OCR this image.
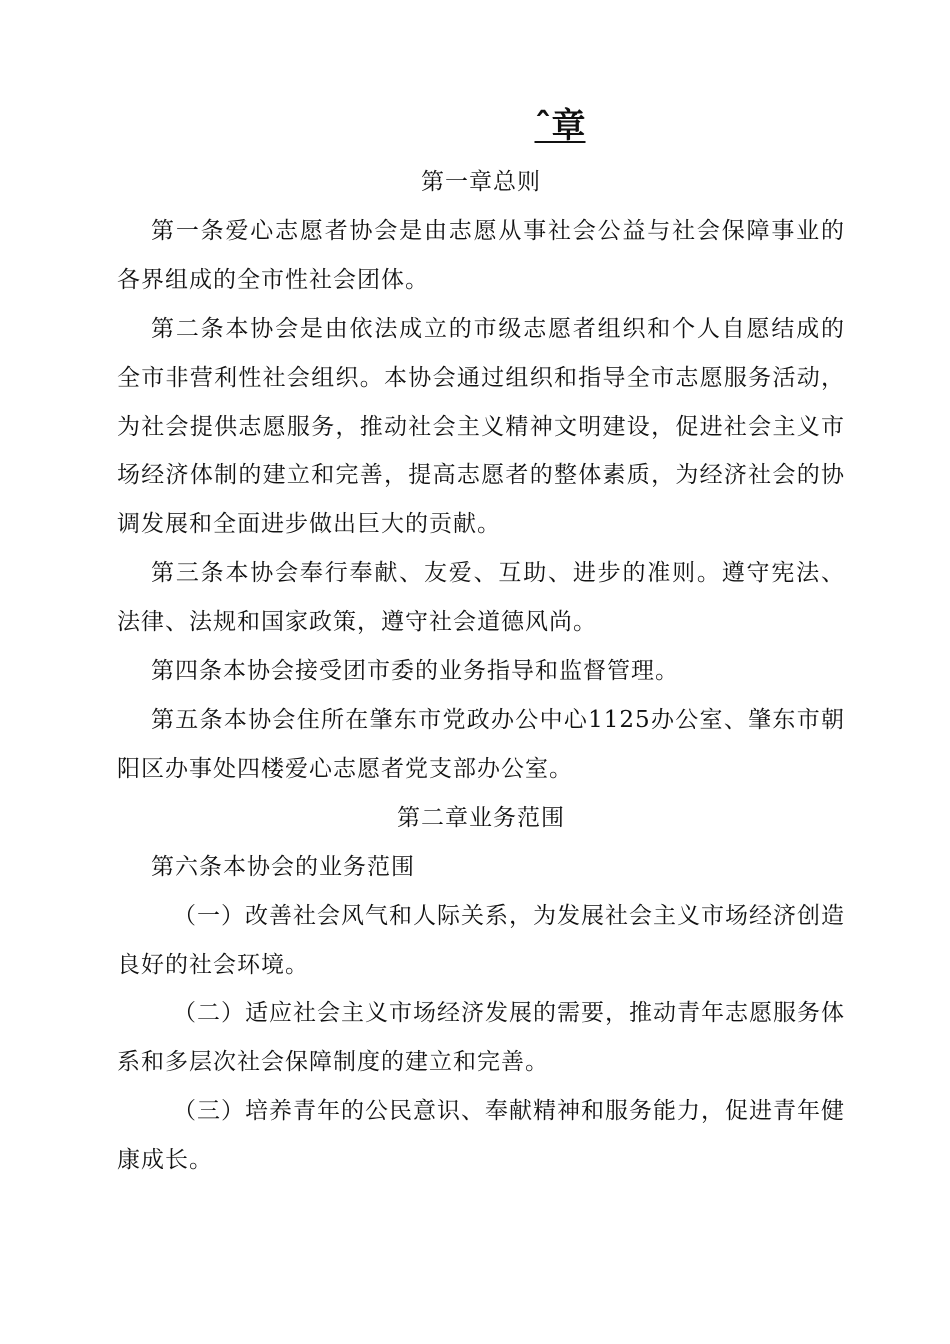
ˆ章

第一章总则

第一条爱心志愿者协会是由志愿从事社会公益与社会保障事业的各界组成的全市性社会团体。

第二条本协会是由依法成立的市级志愿者组织和个人自愿结成的全市非营利性社会组织。本协会通过组织和指导全市志愿服务活动，为社会提供志愿服务，推动社会主义精神文明建设，促进社会主义市场经济体制的建立和完善，提高志愿者的整体素质，为经济社会的协调发展和全面进步做出巨大的贡献。

第三条本协会奉行奉献、友爱、互助、进步的准则。遵守宪法、法律、法规和国家政策，遵守社会道德风尚。

第四条本协会接受团市委的业务指导和监督管理。

第五条本协会住所在肇东市党政办公中心1125办公室、肇东市朝阳区办事处四楼爱心志愿者党支部办公室。

第二章业务范围

第六条本协会的业务范围

（一）改善社会风气和人际关系，为发展社会主义市场经济创造良好的社会环境。

（二）适应社会主义市场经济发展的需要，推动青年志愿服务体系和多层次社会保障制度的建立和完善。

（三）培养青年的公民意识、奉献精神和服务能力，促进青年健康成长。
